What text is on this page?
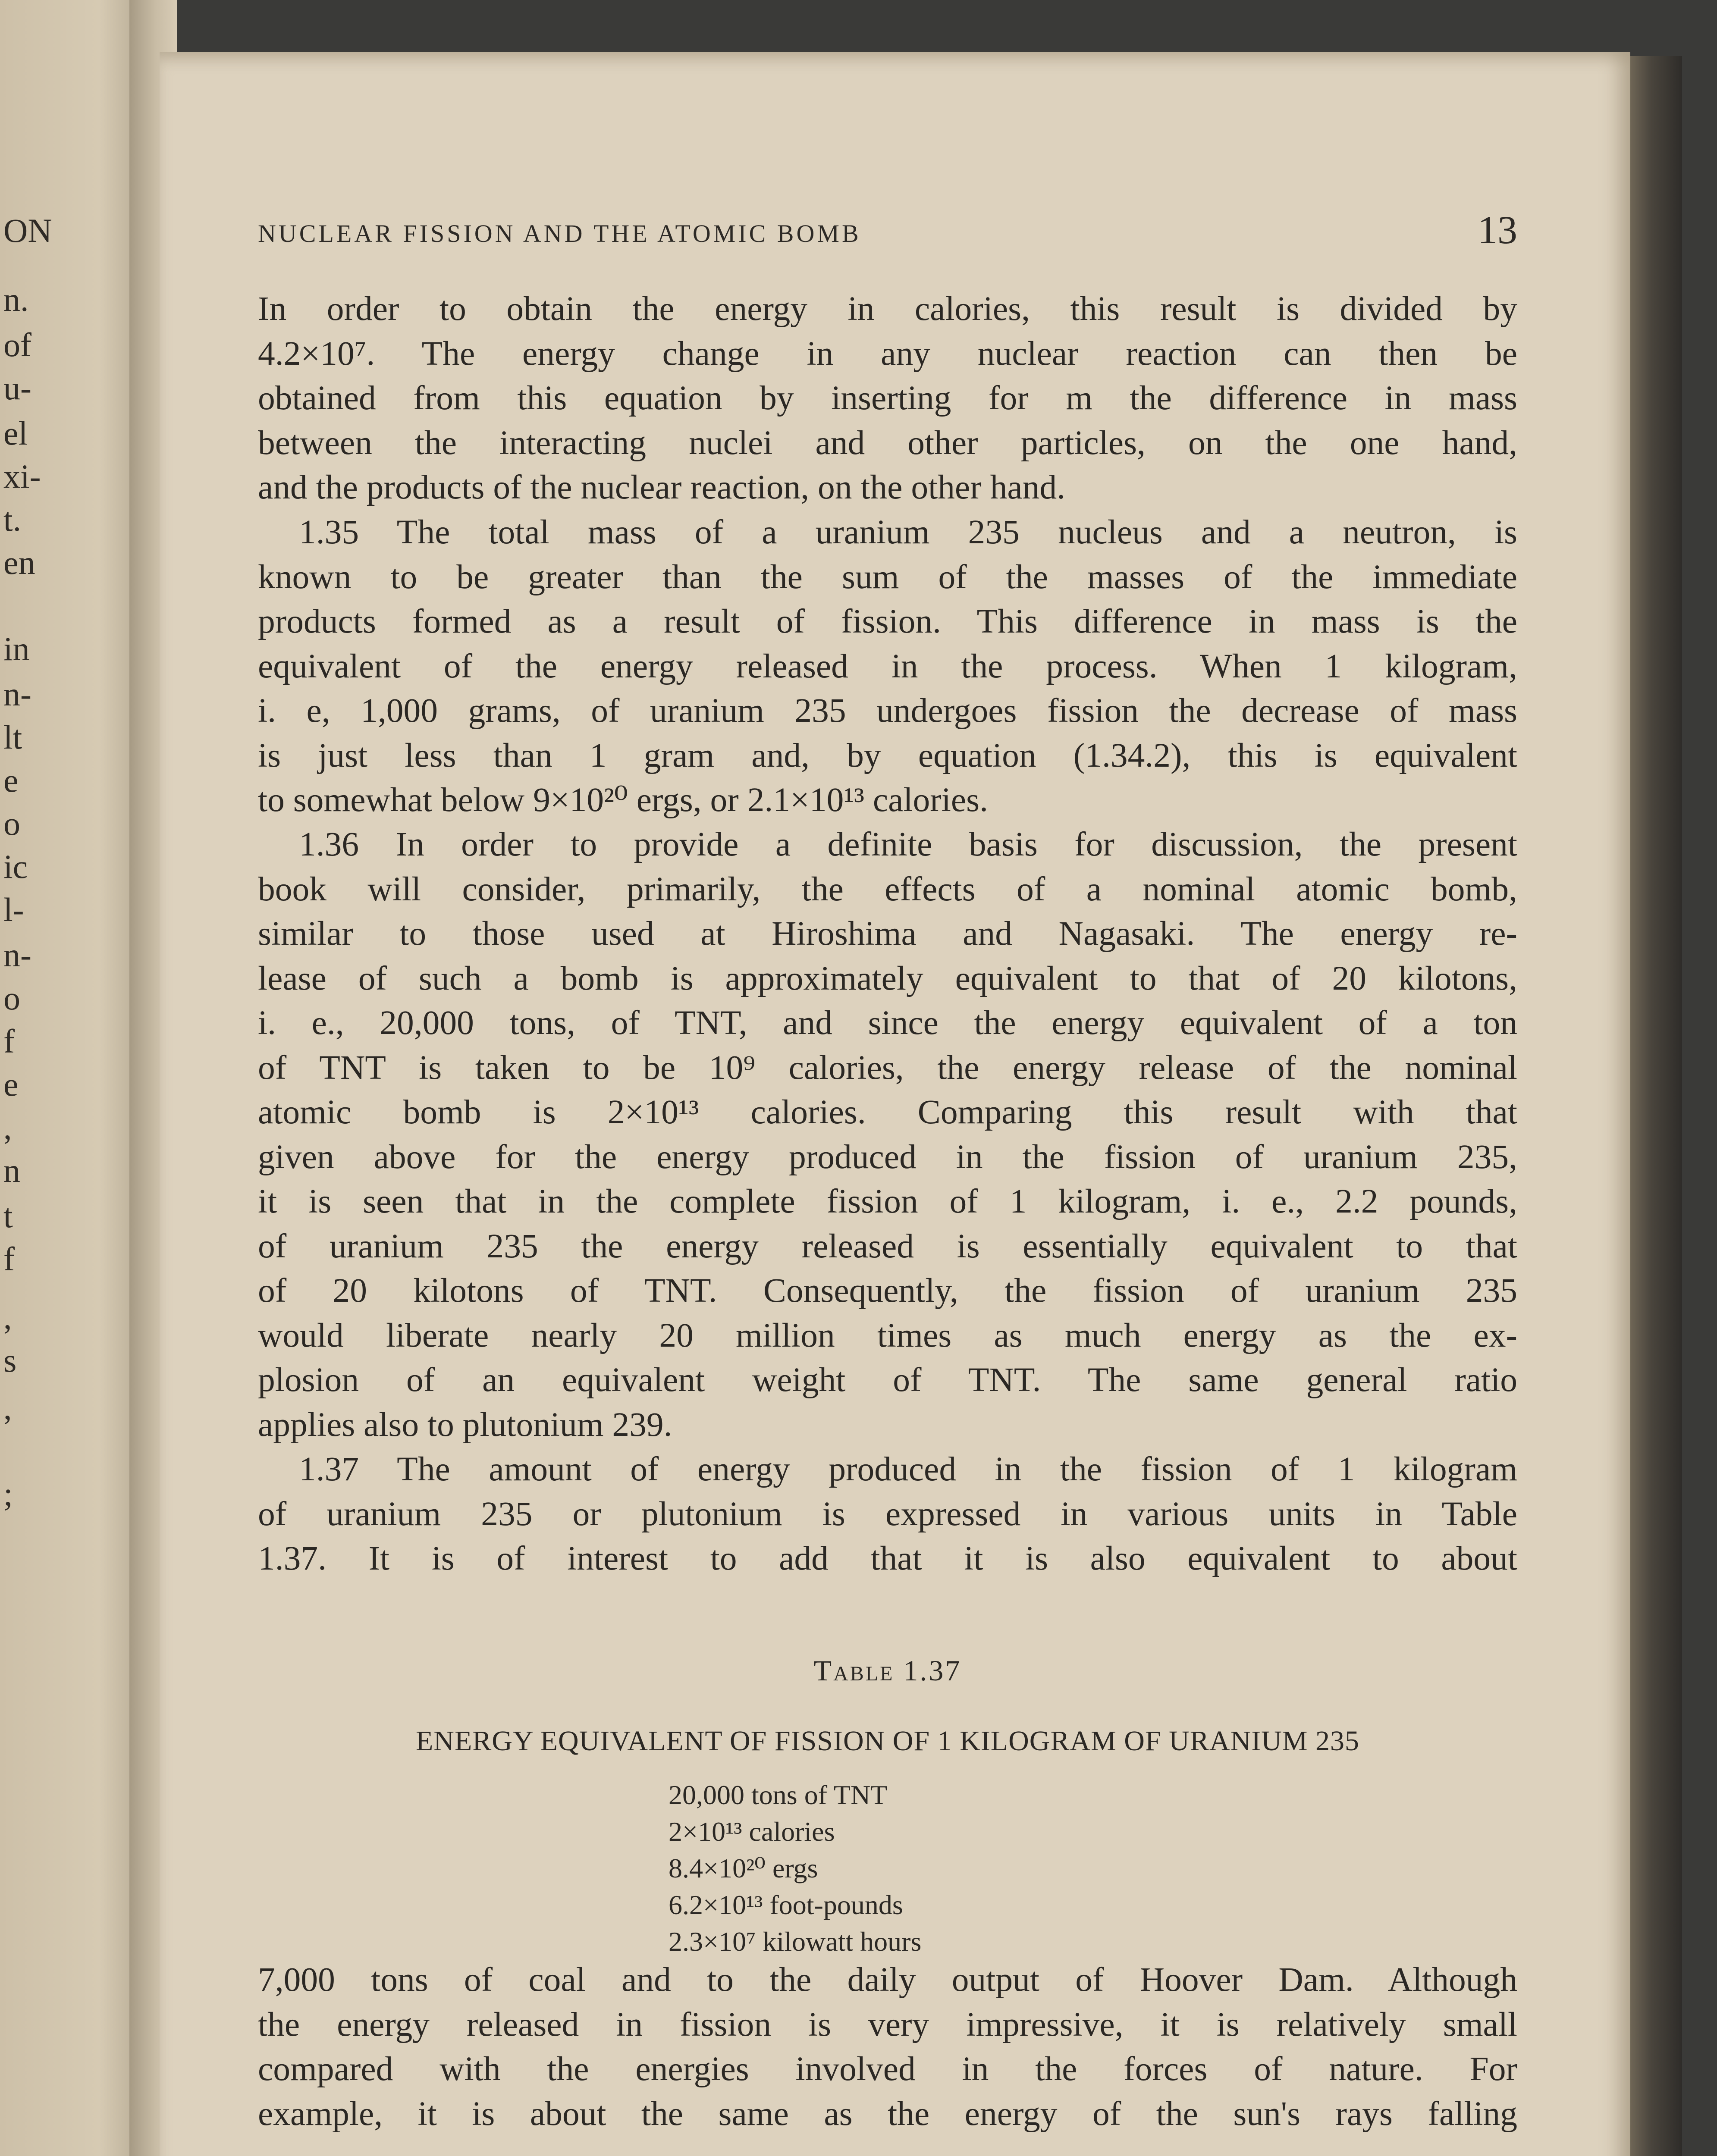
ON
n.
of
u-
el
xi-
t.
en
in
n-
lt
e
o
ic
l-
n-
o
f
e
,
n
t
f
,
s
,
;
NUCLEAR FISSION AND THE ATOMIC BOMB	13

In order to obtain the energy in calories, this result is divided by

4.2×10⁷. The energy change in any nuclear reaction can then be

obtained from this equation by inserting for m the difference in mass

between the interacting nuclei and other particles, on the one hand,

and the products of the nuclear reaction, on the other hand.

1.35 The total mass of a uranium 235 nucleus and a neutron, is

known to be greater than the sum of the masses of the immediate

products formed as a result of fission. This difference in mass is the

equivalent of the energy released in the process. When 1 kilogram,

i. e, 1,000 grams, of uranium 235 undergoes fission the decrease of mass

is just less than 1 gram and, by equation (1.34.2), this is equivalent

to somewhat below 9×10²⁰ ergs, or 2.1×10¹³ calories.

1.36 In order to provide a definite basis for discussion, the present

book will consider, primarily, the effects of a nominal atomic bomb,

similar to those used at Hiroshima and Nagasaki. The energy re-

lease of such a bomb is approximately equivalent to that of 20 kilotons,

i. e., 20,000 tons, of TNT, and since the energy equivalent of a ton

of TNT is taken to be 10⁹ calories, the energy release of the nominal

atomic bomb is 2×10¹³ calories. Comparing this result with that

given above for the energy produced in the fission of uranium 235,

it is seen that in the complete fission of 1 kilogram, i. e., 2.2 pounds,

of uranium 235 the energy released is essentially equivalent to that

of 20 kilotons of TNT. Consequently, the fission of uranium 235

would liberate nearly 20 million times as much energy as the ex-

plosion of an equivalent weight of TNT. The same general ratio

applies also to plutonium 239.

1.37 The amount of energy produced in the fission of 1 kilogram

of uranium 235 or plutonium is expressed in various units in Table

1.37. It is of interest to add that it is also equivalent to about

Table 1.37
ENERGY EQUIVALENT OF FISSION OF 1 KILOGRAM OF URANIUM 235
20,000 tons of TNT
2×10¹³ calories
8.4×10²⁰ ergs
6.2×10¹³ foot-pounds
2.3×10⁷ kilowatt hours

7,000 tons of coal and to the daily output of Hoover Dam. Although

the energy released in fission is very impressive, it is relatively small

compared with the energies involved in the forces of nature. For

example, it is about the same as the energy of the sun's rays falling
